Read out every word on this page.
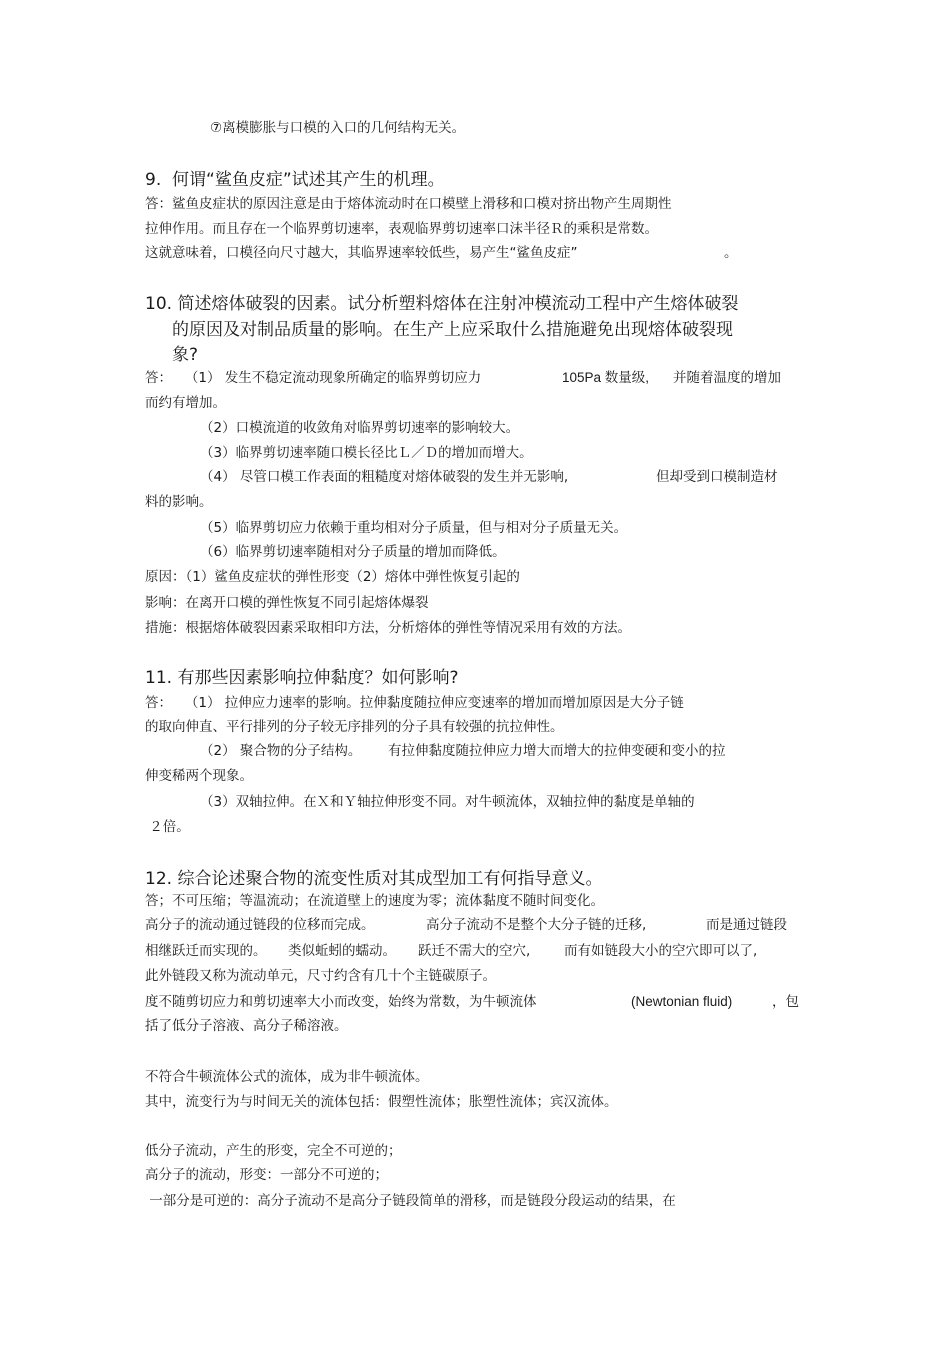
⑦离模膨胀与口模的入口的几何结构无关。
9.  何谓“鲨鱼皮症”试述其产生的机理。
答：鲨鱼皮症状的原因注意是由于熔体流动时在口模壁上滑移和口模对挤出物产生周期性
拉伸作用。而且存在一个临界剪切速率，表观临界剪切速率口沫半径Ｒ的乘积是常数。
这就意味着，口模径向尺寸越大，其临界速率较低些，易产生“鲨鱼皮症”	。
10. 简述熔体破裂的因素。试分析塑料熔体在注射冲模流动工程中产生熔体破裂
的原因及对制品质量的影响。在生产上应采取什么措施避免出现熔体破裂现
象?
答：   （1） 发生不稳定流动现象所确定的临界剪切应力	105Pa 数量级, 并随着温度的增加
而约有增加。
（2）口模流道的收敛角对临界剪切速率的影响较大。
（3）临界剪切速率随口模长径比Ｌ／Ｄ的增加而增大。
（4） 尽管口模工作表面的粗糙度对熔体破裂的发生并无影响,	但却受到口模制造材
料的影响。
（5）临界剪切应力依赖于重均相对分子质量，但与相对分子质量无关。
（6）临界剪切速率随相对分子质量的增加而降低。
原因：（1）鲨鱼皮症状的弹性形变（2）熔体中弹性恢复引起的
影响：在离开口模的弹性恢复不同引起熔体爆裂
措施：根据熔体破裂因素采取相印方法，分析熔体的弹性等情况采用有效的方法。
11. 有那些因素影响拉伸黏度？如何影响?
答：   （1） 拉伸应力速率的影响。拉伸黏度随拉伸应变速率的增加而增加原因是大分子链
的取向伸直、平行排列的分子较无序排列的分子具有较强的抗拉伸性。
（2） 聚合物的分子结构。 有拉伸黏度随拉伸应力增大而增大的拉伸变硬和变小的拉
伸变稀两个现象。
（3）双轴拉伸。在Ｘ和Ｙ轴拉伸形变不同。对牛顿流体，双轴拉伸的黏度是单轴的
２倍。
12. 综合论述聚合物的流变性质对其成型加工有何指导意义。
答；不可压缩；等温流动；在流道壁上的速度为零；流体黏度不随时间变化。
高分子的流动通过链段的位移而完成。	高分子流动不是整个大分子链的迁移,	而是通过链段
相继跃迁而实现的。 类似蚯蚓的蠕动。 跃迁不需大的空穴, 而有如链段大小的空穴即可以了,
此外链段又称为流动单元，尺寸约含有几十个主链碳原子。
度不随剪切应力和剪切速率大小而改变，始终为常数，为牛顿流体	(Newtonian fluid)	，包
括了低分子溶液、高分子稀溶液。
不符合牛顿流体公式的流体，成为非牛顿流体。
其中，流变行为与时间无关的流体包括：假塑性流体；胀塑性流体；宾汉流体。
低分子流动，产生的形变，完全不可逆的；
高分子的流动，形变：一部分不可逆的；
一部分是可逆的：高分子流动不是高分子链段简单的滑移，而是链段分段运动的结果，在
